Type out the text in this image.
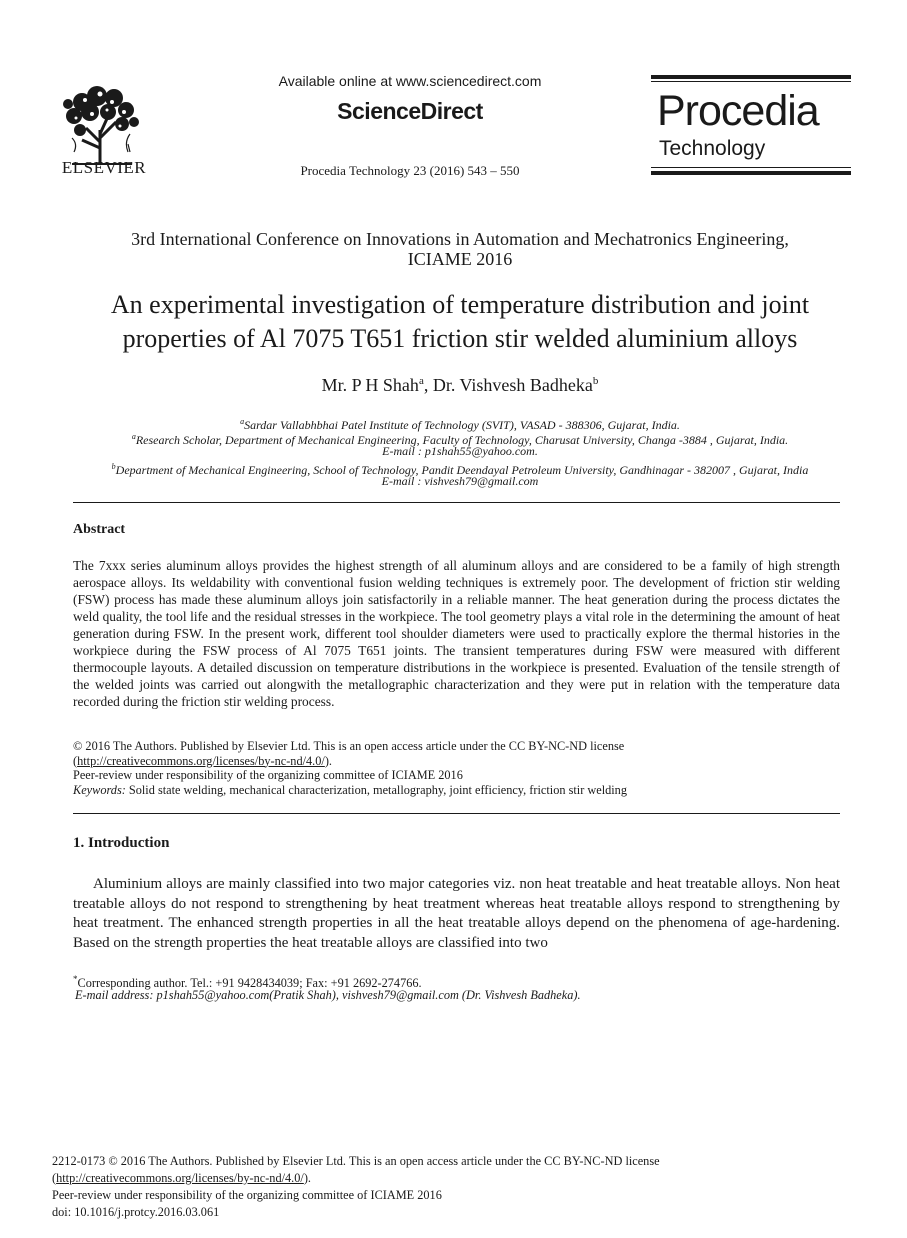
ELSEVIER
Available online at www.sciencedirect.com
ScienceDirect
Procedia Technology 23 (2016) 543 – 550
Procedia
Technology
3rd International Conference on Innovations in Automation and Mechatronics Engineering,
ICIAME 2016
An experimental investigation of temperature distribution and joint
properties of Al 7075 T651 friction stir welded aluminium alloys
Mr. P H Shah$^a$, Dr. Vishvesh Badheka$^b$
$^a$Sardar Vallabhbhai Patel Institute of Technology (SVIT), VASAD - 388306, Gujarat, India.
$^a$Research Scholar, Department of Mechanical Engineering, Faculty of Technology, Charusat University, Changa -3884 , Gujarat, India.
E-mail : p1shah55@yahoo.com.
$^b$Department of Mechanical Engineering, School of Technology, Pandit Deendayal Petroleum University, Gandhinagar - 382007 , Gujarat, India
E-mail : vishvesh79@gmail.com
Abstract
The 7xxx series aluminum alloys provides the highest strength of all aluminum alloys and are considered to be a family of high strength aerospace alloys. Its weldability with conventional fusion welding techniques is extremely poor. The development of friction stir welding (FSW) process has made these aluminum alloys join satisfactorily in a reliable manner. The heat generation during the process dictates the weld quality, the tool life and the residual stresses in the workpiece. The tool geometry plays a vital role in the determining the amount of heat generation during FSW. In the present work, different tool shoulder diameters were used to practically explore the thermal histories in the workpiece during the FSW process of Al 7075 T651 joints. The transient temperatures during FSW were measured with different thermocouple layouts. A detailed discussion on temperature distributions in the workpiece is presented. Evaluation of the tensile strength of the welded joints was carried out alongwith the metallographic characterization and they were put in relation with the temperature data recorded during the friction stir welding process.
© 2016 The Authors. Published by Elsevier Ltd. This is an open access article under the CC BY-NC-ND license
(http://creativecommons.org/licenses/by-nc-nd/4.0/).
Peer-review under responsibility of the organizing committee of ICIAME 2016
Keywords: Solid state welding, mechanical characterization, metallography, joint efficiency, friction stir welding
1. Introduction
Aluminium alloys are mainly classified into two major categories viz. non heat treatable and heat treatable alloys. Non heat treatable alloys do not respond to strengthening by heat treatment whereas heat treatable alloys respond to strengthening by heat treatment. The enhanced strength properties in all the heat treatable alloys depend on the phenomena of age-hardening. Based on the strength properties the heat treatable alloys are classified into two
*Corresponding author. Tel.: +91 9428434039; Fax: +91 2692-274766.
E-mail address: p1shah55@yahoo.com(Pratik Shah), vishvesh79@gmail.com (Dr. Vishvesh Badheka).
2212-0173 © 2016 The Authors. Published by Elsevier Ltd. This is an open access article under the CC BY-NC-ND license
(http://creativecommons.org/licenses/by-nc-nd/4.0/).
Peer-review under responsibility of the organizing committee of ICIAME 2016
doi: 10.1016/j.protcy.2016.03.061
